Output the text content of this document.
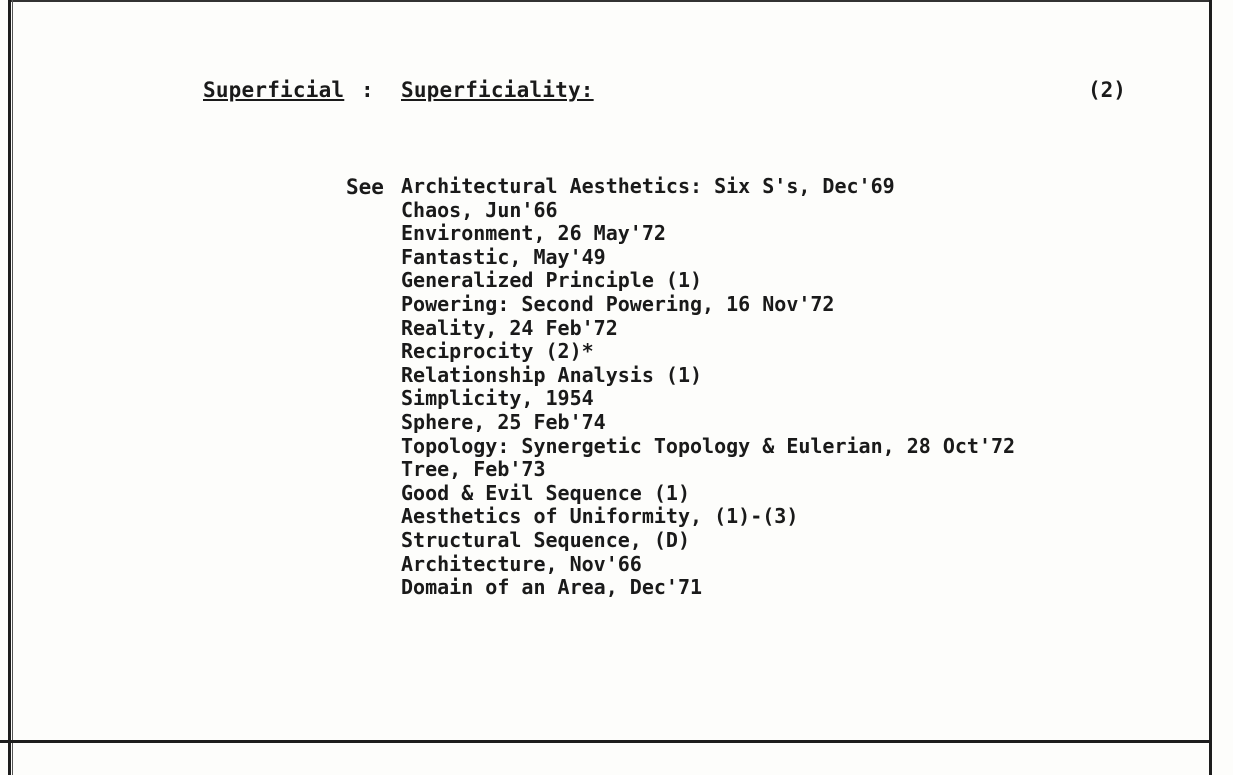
Superficial : Superficiality:	(2)
See Architectural Aesthetics: Six S's, Dec'69
Chaos, Jun'66
Environment, 26 May'72
Fantastic, May'49
Generalized Principle (1)
Powering: Second Powering, 16 Nov'72
Reality, 24 Feb'72
Reciprocity (2)*
Relationship Analysis (1)
Simplicity, 1954
Sphere, 25 Feb'74
Topology: Synergetic Topology & Eulerian, 28 Oct'72
Tree, Feb'73
Good & Evil Sequence (1)
Aesthetics of Uniformity, (1)-(3)
Structural Sequence, (D)
Architecture, Nov'66
Domain of an Area, Dec'71
